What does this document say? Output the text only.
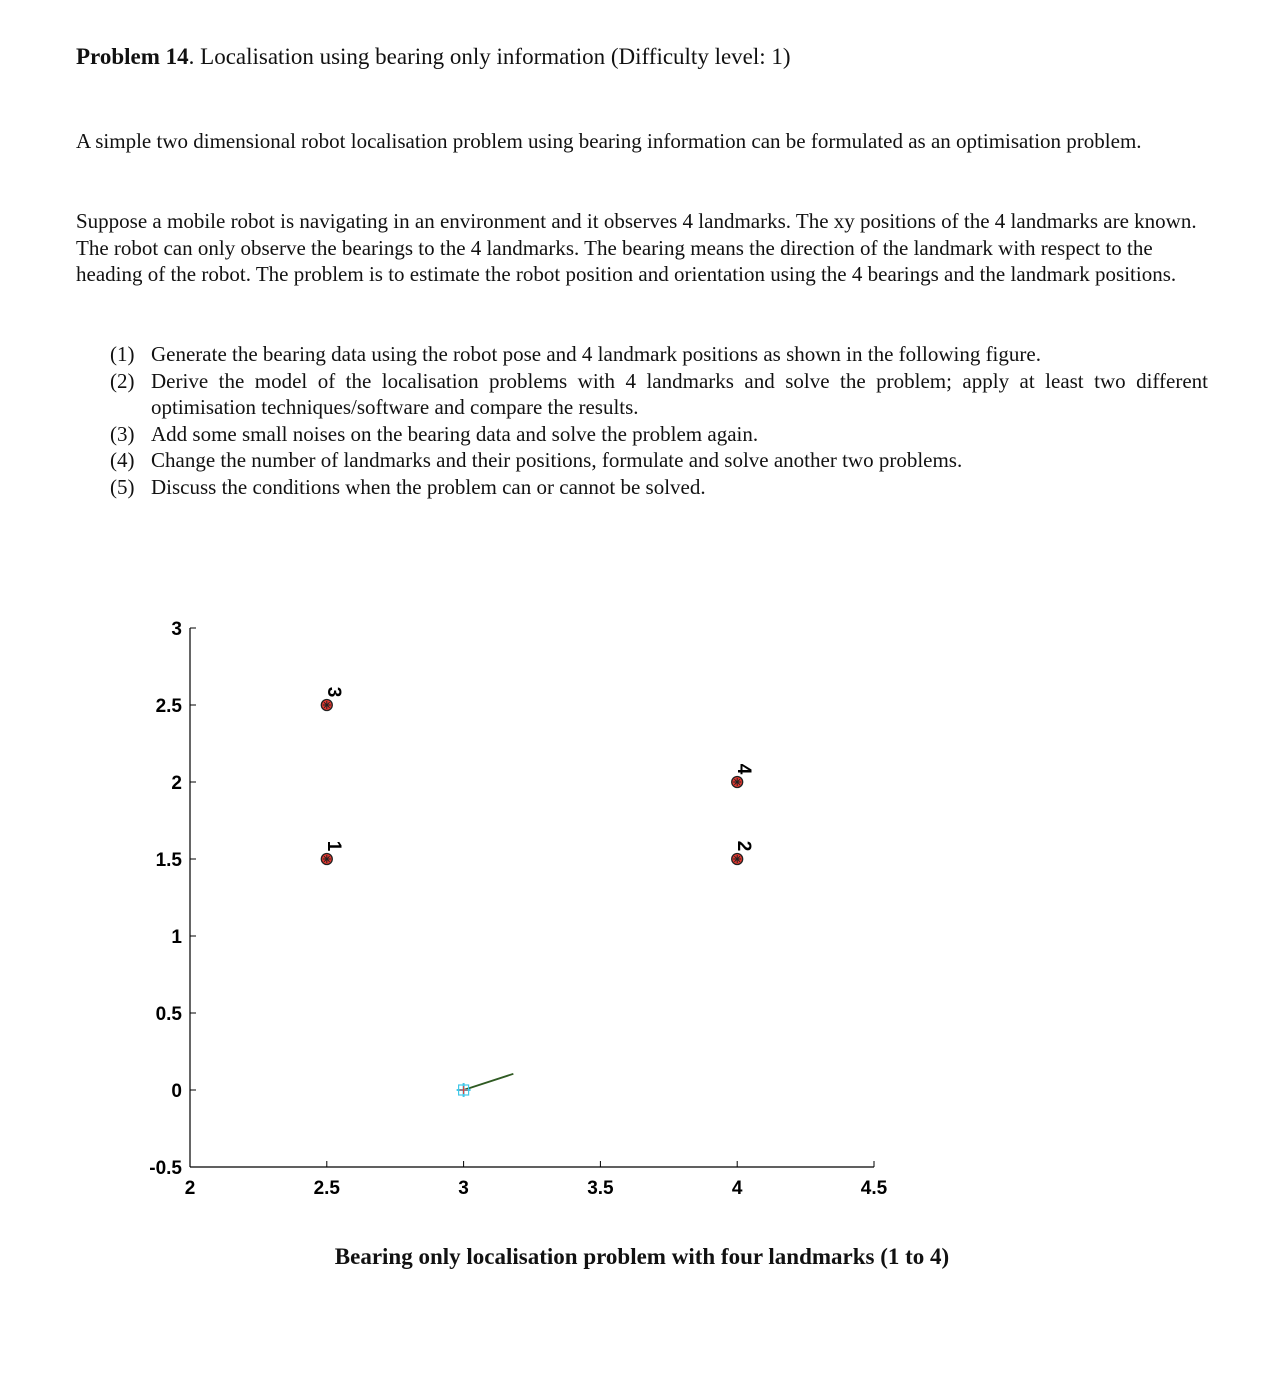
Problem 14. Localisation using bearing only information (Difficulty level: 1)

A simple two dimensional robot localisation problem using bearing information can be formulated as an optimisation problem.

Suppose a mobile robot is navigating in an environment and it observes 4 landmarks. The xy positions of the 4 landmarks are known. The robot can only observe the bearings to the 4 landmarks. The bearing means the direction of the landmark with respect to the heading of the robot. The problem is to estimate the robot position and orientation using the 4 bearings and the landmark positions.

(1) Generate the bearing data using the robot pose and 4 landmark positions as shown in the following figure.
(2) Derive the model of the localisation problems with 4 landmarks and solve the problem; apply at least two different optimisation techniques/software and compare the results.
(3) Add some small noises on the bearing data and solve the problem again.
(4) Change the number of landmarks and their positions, formulate and solve another two problems.
(5) Discuss the conditions when the problem can or cannot be solved.
2	2.5	3	3.5	4	4.5
-0.5
0
0.5
1
1.5
2
2.5
3
1	2
3
4
Bearing only localisation problem with four landmarks (1 to 4)
